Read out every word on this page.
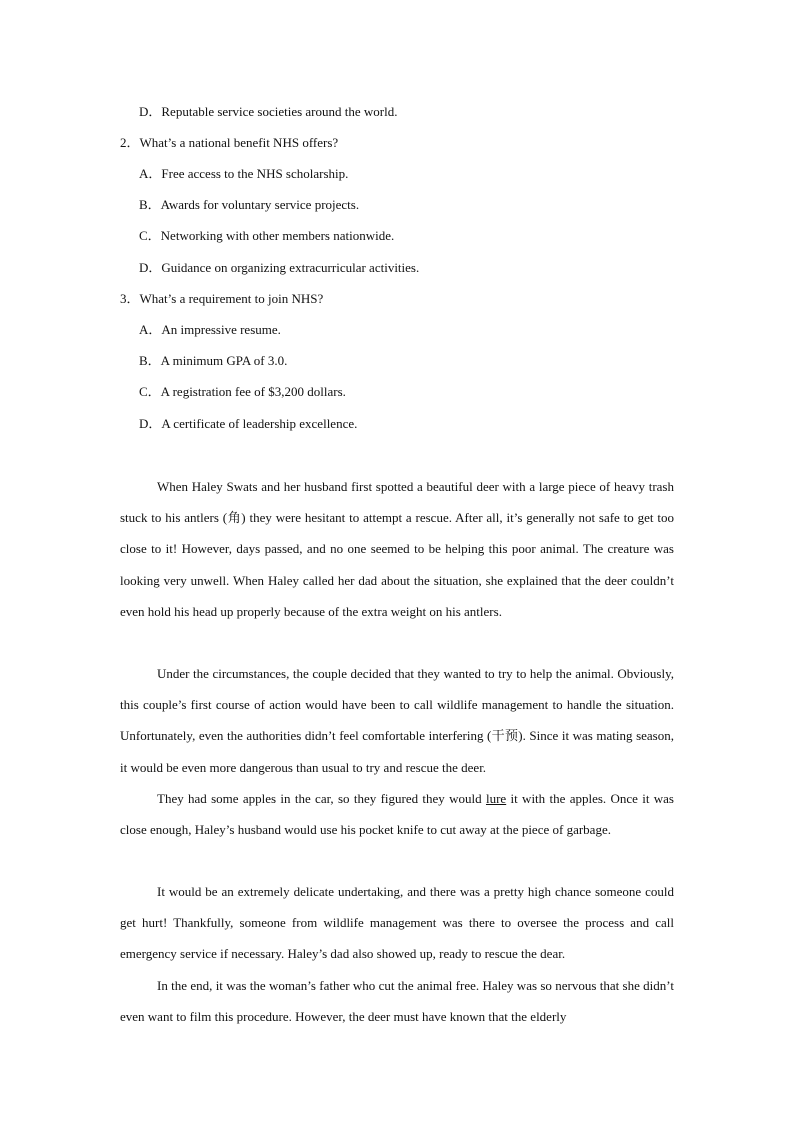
D．Reputable service societies around the world.
2．What’s a national benefit NHS offers?
A．Free access to the NHS scholarship.
B．Awards for voluntary service projects.
C．Networking with other members nationwide.
D．Guidance on organizing extracurricular activities.
3．What’s a requirement to join NHS?
A．An impressive resume.
B．A minimum GPA of 3.0.
C．A registration fee of $3,200 dollars.
D．A certificate of leadership excellence.

When Haley Swats and her husband first spotted a beautiful deer with a large piece of heavy trash stuck to his antlers (角) they were hesitant to attempt a rescue. After all, it’s generally not safe to get too close to it! However, days passed, and no one seemed to be helping this poor animal. The creature was looking very unwell. When Haley called her dad about the situation, she explained that the deer couldn’t even hold his head up properly because of the extra weight on his antlers.

Under the circumstances, the couple decided that they wanted to try to help the animal. Obviously, this couple’s first course of action would have been to call wildlife management to handle the situation. Unfortunately, even the authorities didn’t feel comfortable interfering (干预). Since it was mating season, it would be even more dangerous than usual to try and rescue the deer.

They had some apples in the car, so they figured they would lure it with the apples. Once it was close enough, Haley’s husband would use his pocket knife to cut away at the piece of garbage.

It would be an extremely delicate undertaking, and there was a pretty high chance someone could get hurt! Thankfully, someone from wildlife management was there to oversee the process and call emergency service if necessary. Haley’s dad also showed up, ready to rescue the dear.

In the end, it was the woman’s father who cut the animal free. Haley was so nervous that she didn’t even want to film this procedure. However, the deer must have known that the elderly
